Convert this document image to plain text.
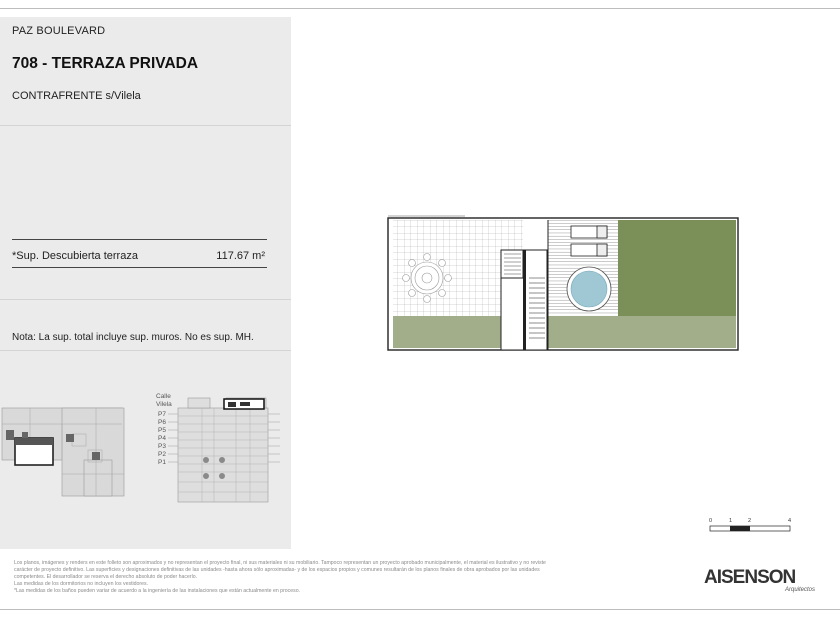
PAZ BOULEVARD
708 - TERRAZA PRIVADA
CONTRAFRENTE s/Vilela
*Sup. Descubierta terraza	117.67 m²
Nota: La sup. total incluye sup. muros. No es sup. MH.
Calle
Vilela
P7
P6
P5
P4
P3
P2
P1
0	1	2	4
Los planos, imágenes y renders en este folleto son aproximados y no representan el proyecto final, ni sus materiales ni su mobiliario. Tampoco representan un proyecto aprobado municipalmente, el material es ilustrativo y no reviste
carácter de proyecto definitivo. Las superficies y designaciones definitivas de las unidades -hasta ahora sólo aproximadas- y de los espacios propios y comunes resultarán de los planos finales de obra aprobados por las unidades
competentes. El desarrollador se reserva el derecho absoluto de poder hacerlo.
Las medidas de los dormitorios no incluyen los vestidores.
*Las medidas de los baños pueden variar de acuerdo a la ingeniería de las instalaciones que están actualmente en proceso.
AISENSON
Arquitectos
